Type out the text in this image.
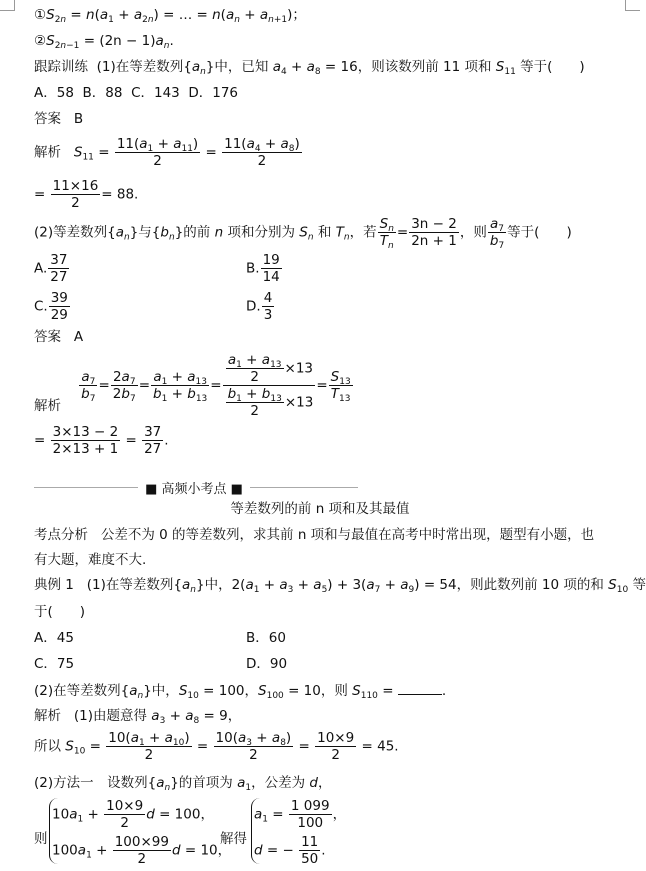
$①S_{2n} = n(a_1 + a_{2n})$ = … = $n(a_n + a_{n+1})$；
$②S_{2n-1} = (2n - 1)a_n$.
跟踪训练 (1)在等差数列$\{a_n\}$中，已知 $a_4 + a_8 = 16$，则该数列前 11 项和 $S_{11}$ 等于(　　)
A．58 B．88 C．143 D．176
答案 B
解析 $S_{11} = \frac{11(a_1 + a_{11})}{2} = \frac{11(a_4 + a_8)}{2}$
= $\frac{11\times 16}{2} = 88$.
(2)等差数列$\{a_n\}$与$\{b_n\}$的前 n 项和分别为 $S_n$ 和 $T_n$，若 $\frac{S_n}{T_n} = \frac{3n - 2}{2n + 1}$ ，则 $\frac{a_7}{b_7}$ 等于(　　)
A. $\frac{37}{27}$	B. $\frac{19}{14}$
C. $\frac{39}{29}$	D. $\frac{4}{3}$
答案 A
解析
$\frac{a_7}{b_7} = \frac{2a_7}{2b_7} = \frac{a_1 + a_{13}}{b_1 + b_{13}} = \frac{\frac{a_1 + a_{13}}{2} \times 13}{\frac{b_1 + b_{13}}{2} \times 13} = \frac{S_{13}}{T_{13}}$
= $\frac{3\times 13 - 2}{2\times 13 + 1} = \frac{37}{27}$ .
■ 高频小考点 ■
等差数列的前 n 项和及其最值
考点分析 公差不为 0 的等差数列，求其前 n 项和与最值在高考中时常出现，题型有小题，也
有大题，难度不大.
典例 1 (1)在等差数列$\{a_n\}$中，$2(a_1 + a_3 + a_5) + 3(a_7 + a_9) = 54$，则此数列前 10 项的和 $S_{10}$ 等
于(　　)
A．45	B．60
C．75	D．90
(2)在等差数列$\{a_n\}$中，$S_{10} = 100$，$S_{100} = 10$，则 $S_{110}$ =	.
解析 (1)由题意得 $a_3 + a_8 = 9$，
所以 $S_{10} = \frac{10(a_1 + a_{10})}{2} = \frac{10(a_3 + a_8)}{2} = \frac{10\times 9}{2} = 45$.
(2)方法一　设数列$\{a_n\}$的首项为 $a_1$，公差为 d，
则
$10a_1 + \frac{10\times 9}{2}$ d = 100，
$100a_1 + \frac{100\times 99}{2}$ d = 10，
解得
$a_1 = \frac{1 099}{100}$ ，
d = − $\frac{11}{50}$ .
